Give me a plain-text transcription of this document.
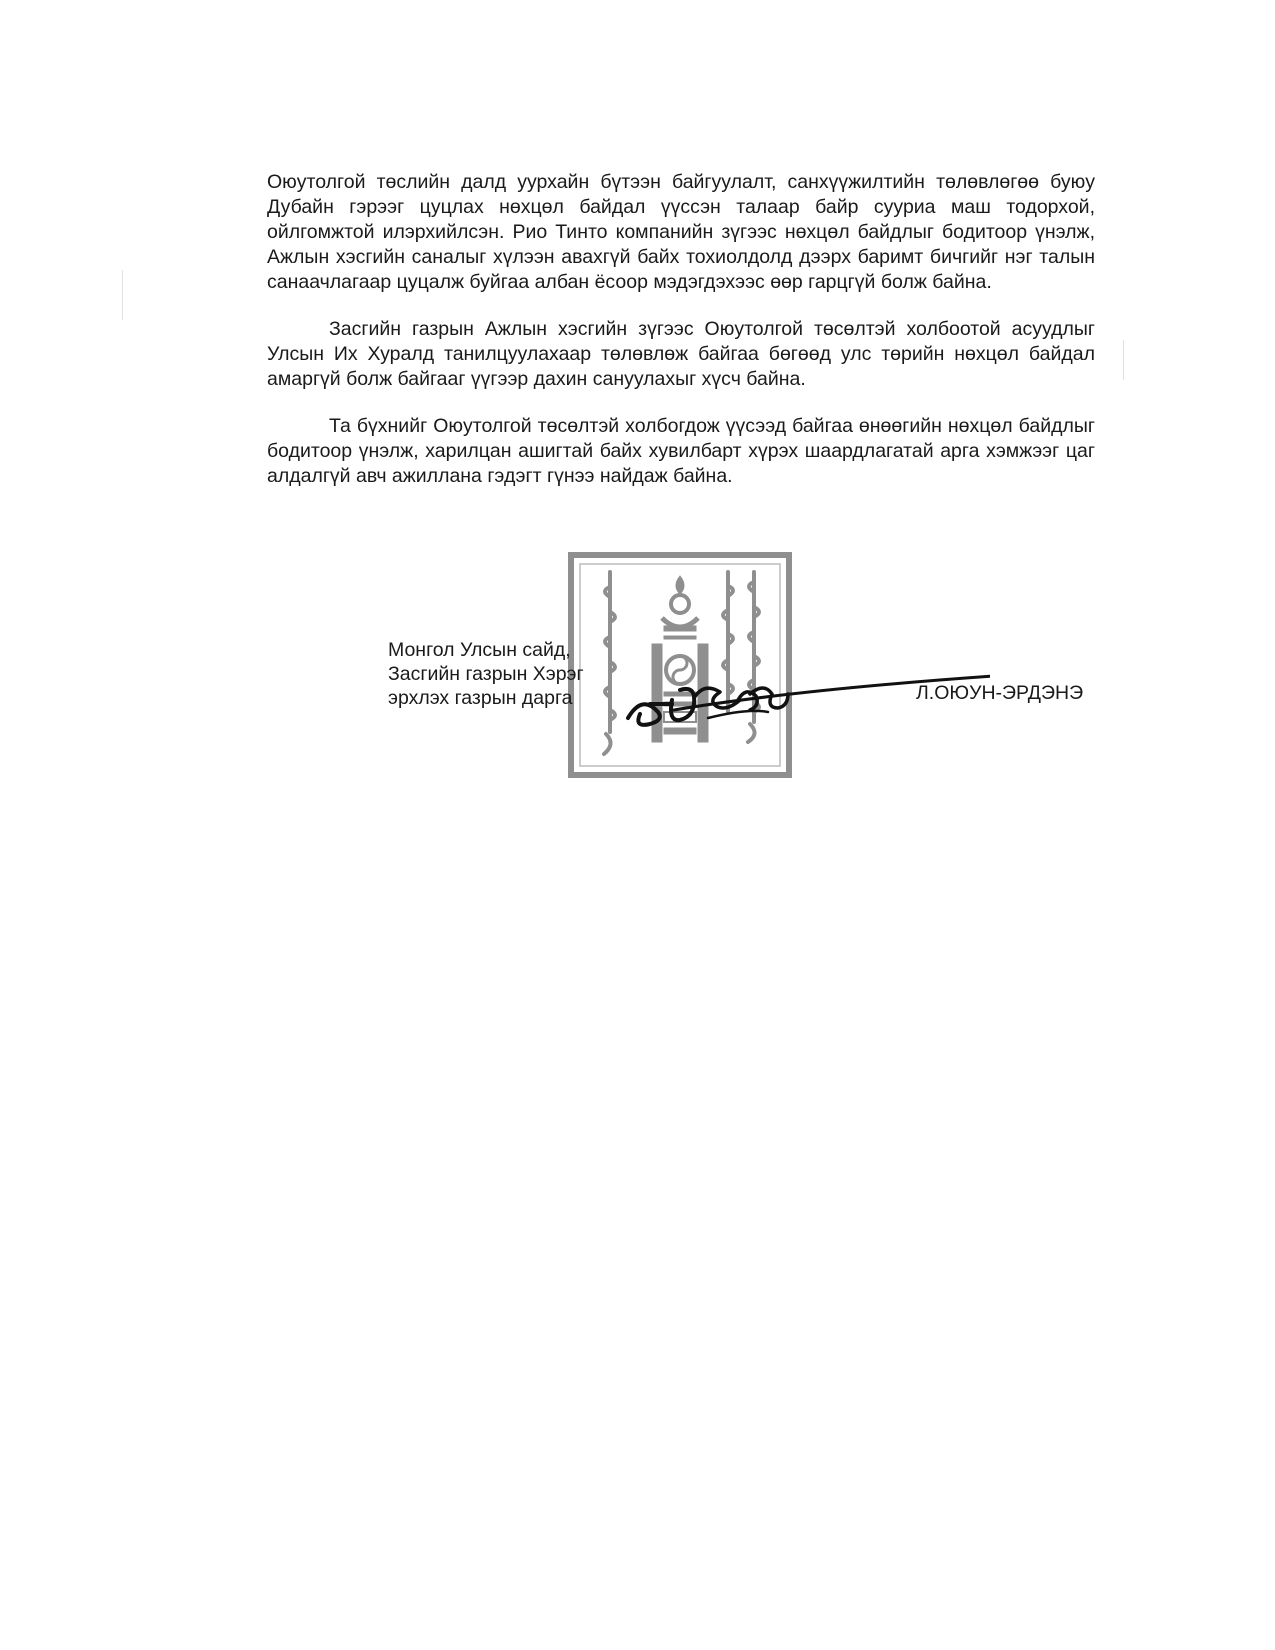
Оюутолгой төслийн далд уурхайн бүтээн байгуулалт, санхүүжилтийн төлөвлөгөө буюу Дубайн гэрээг цуцлах нөхцөл байдал үүссэн талаар байр сууриа маш тодорхой, ойлгомжтой илэрхийлсэн. Рио Тинто компанийн зүгээс нөхцөл байдлыг бодитоор үнэлж, Ажлын хэсгийн саналыг хүлээн авахгүй байх тохиолдолд дээрх баримт бичгийг нэг талын санаачлагаар цуцалж буйгаа албан ёсоор мэдэгдэхээс өөр гарцгүй болж байна.

Засгийн газрын Ажлын хэсгийн зүгээс Оюутолгой төсөлтэй холбоотой асуудлыг Улсын Их Хуралд танилцуулахаар төлөвлөж байгаа бөгөөд улс төрийн нөхцөл байдал амаргүй болж байгааг үүгээр дахин сануулахыг хүсч байна.

Та бүхнийг Оюутолгой төсөлтэй холбогдож үүсээд байгаа өнөөгийн нөхцөл байдлыг бодитоор үнэлж, харилцан ашигтай байх хувилбарт хүрэх шаардлагатай арга хэмжээг цаг алдалгүй авч ажиллана гэдэгт гүнээ найдаж байна.

Монгол Улсын сайд,
Засгийн газрын Хэрэг
эрхлэх газрын дарга	Л.ОЮУН-ЭРДЭНЭ
